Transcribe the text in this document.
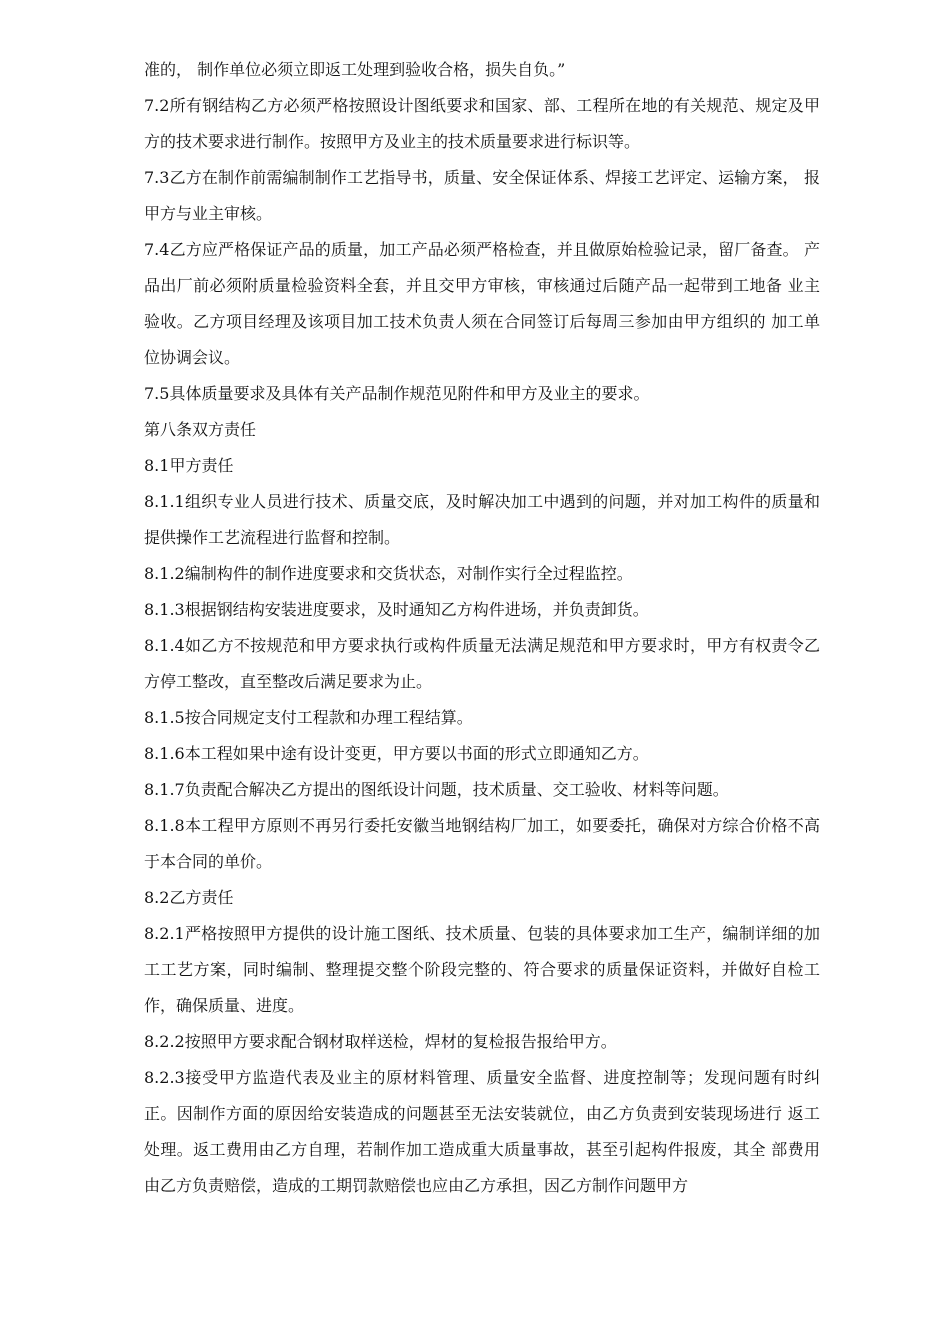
准的， 制作单位必须立即返工处理到验收合格，损失自负。”

7.2所有钢结构乙方必须严格按照设计图纸要求和国家、部、工程所在地的有关规范、规定及甲方的技术要求进行制作。按照甲方及业主的技术质量要求进行标识等。

7.3乙方在制作前需编制制作工艺指导书，质量、安全保证体系、焊接工艺评定、运输方案， 报甲方与业主审核。

7.4乙方应严格保证产品的质量，加工产品必须严格检查，并且做原始检验记录，留厂备查。 产品出厂前必须附质量检验资料全套，并且交甲方审核，审核通过后随产品一起带到工地备 业主验收。乙方项目经理及该项目加工技术负责人须在合同签订后每周三参加由甲方组织的 加工单位协调会议。

7.5具体质量要求及具体有关产品制作规范见附件和甲方及业主的要求。

第八条双方责任

8.1甲方责任

8.1.1组织专业人员进行技术、质量交底，及时解决加工中遇到的问题，并对加工构件的质量和提供操作工艺流程进行监督和控制。

8.1.2编制构件的制作进度要求和交货状态，对制作实行全过程监控。

8.1.3根据钢结构安装进度要求，及时通知乙方构件进场，并负责卸货。

8.1.4如乙方不按规范和甲方要求执行或构件质量无法满足规范和甲方要求时，甲方有权责令乙方停工整改，直至整改后满足要求为止。

8.1.5按合同规定支付工程款和办理工程结算。

8.1.6本工程如果中途有设计变更，甲方要以书面的形式立即通知乙方。

8.1.7负责配合解决乙方提出的图纸设计问题，技术质量、交工验收、材料等问题。

8.1.8本工程甲方原则不再另行委托安徽当地钢结构厂加工，如要委托，确保对方综合价格不高于本合同的单价。

8.2乙方责任

8.2.1严格按照甲方提供的设计施工图纸、技术质量、包装的具体要求加工生产，编制详细的加工工艺方案，同时编制、整理提交整个阶段完整的、符合要求的质量保证资料，并做好自检工作，确保质量、进度。

8.2.2按照甲方要求配合钢材取样送检，焊材的复检报告报给甲方。

8.2.3接受甲方监造代表及业主的原材料管理、质量安全监督、进度控制等；发现问题有时纠正。因制作方面的原因给安装造成的问题甚至无法安装就位，由乙方负责到安装现场进行 返工处理。返工费用由乙方自理，若制作加工造成重大质量事故，甚至引起构件报废，其全 部费用由乙方负责赔偿，造成的工期罚款赔偿也应由乙方承担，因乙方制作问题甲方
